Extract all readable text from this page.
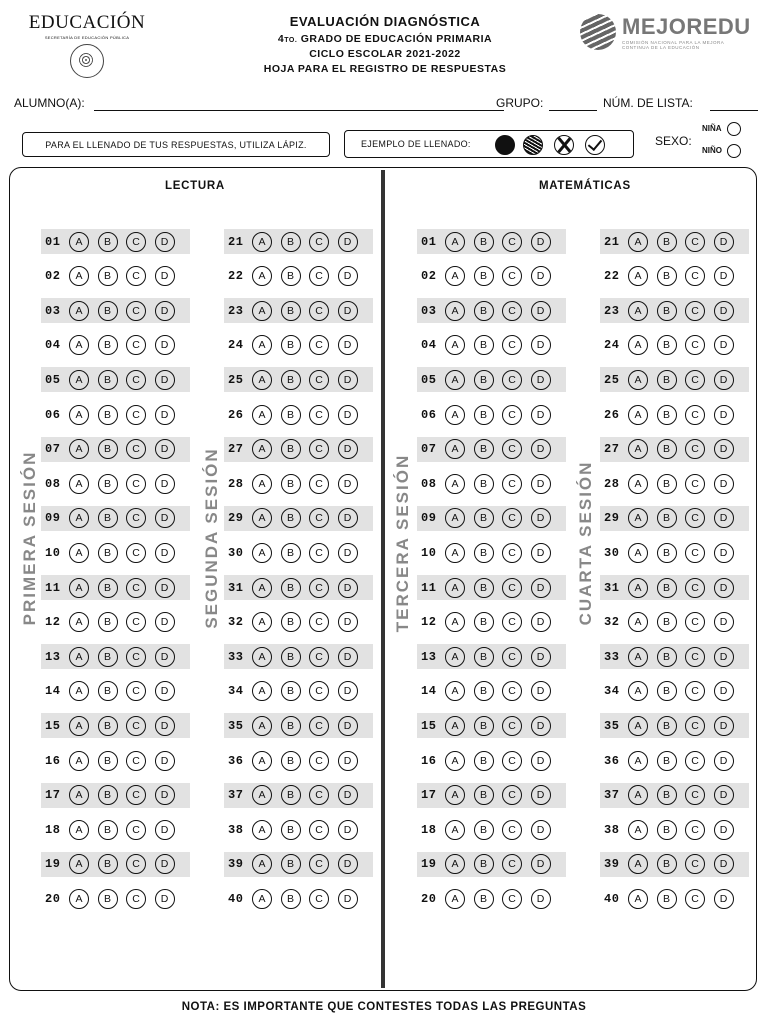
EDUCACIÓN
SECRETARÍA DE EDUCACIÓN PÚBLICA
EVALUACIÓN DIAGNÓSTICA
4TO. GRADO DE EDUCACIÓN PRIMARIA
CICLO ESCOLAR 2021-2022
HOJA PARA EL REGISTRO DE RESPUESTAS
MEJOREDU
COMISIÓN NACIONAL PARA LA MEJORA CONTINUA DE LA EDUCACIÓN
ALUMNO(A):	GRUPO:	NÚM. DE LISTA:
PARA EL LLENADO DE TUS RESPUESTAS, UTILIZA LÁPIZ.	EJEMPLO DE LLENADO:	SEXO:
NIÑA
NIÑO
LECTURA	MATEMÁTICAS
PRIMERA SESIÓN	SEGUNDA SESIÓN	TERCERA SESIÓN	CUARTA SESIÓN
01	A	B	C	D
02	A	B	C	D
03	A	B	C	D
04	A	B	C	D
05	A	B	C	D
06	A	B	C	D
07	A	B	C	D
08	A	B	C	D
09	A	B	C	D
10	A	B	C	D
11	A	B	C	D
12	A	B	C	D
13	A	B	C	D
14	A	B	C	D
15	A	B	C	D
16	A	B	C	D
17	A	B	C	D
18	A	B	C	D
19	A	B	C	D
20	A	B	C	D
21	A	B	C	D
22	A	B	C	D
23	A	B	C	D
24	A	B	C	D
25	A	B	C	D
26	A	B	C	D
27	A	B	C	D
28	A	B	C	D
29	A	B	C	D
30	A	B	C	D
31	A	B	C	D
32	A	B	C	D
33	A	B	C	D
34	A	B	C	D
35	A	B	C	D
36	A	B	C	D
37	A	B	C	D
38	A	B	C	D
39	A	B	C	D
40	A	B	C	D
01	A	B	C	D
02	A	B	C	D
03	A	B	C	D
04	A	B	C	D
05	A	B	C	D
06	A	B	C	D
07	A	B	C	D
08	A	B	C	D
09	A	B	C	D
10	A	B	C	D
11	A	B	C	D
12	A	B	C	D
13	A	B	C	D
14	A	B	C	D
15	A	B	C	D
16	A	B	C	D
17	A	B	C	D
18	A	B	C	D
19	A	B	C	D
20	A	B	C	D
21	A	B	C	D
22	A	B	C	D
23	A	B	C	D
24	A	B	C	D
25	A	B	C	D
26	A	B	C	D
27	A	B	C	D
28	A	B	C	D
29	A	B	C	D
30	A	B	C	D
31	A	B	C	D
32	A	B	C	D
33	A	B	C	D
34	A	B	C	D
35	A	B	C	D
36	A	B	C	D
37	A	B	C	D
38	A	B	C	D
39	A	B	C	D
40	A	B	C	D
NOTA: ES IMPORTANTE QUE CONTESTES TODAS LAS PREGUNTAS
